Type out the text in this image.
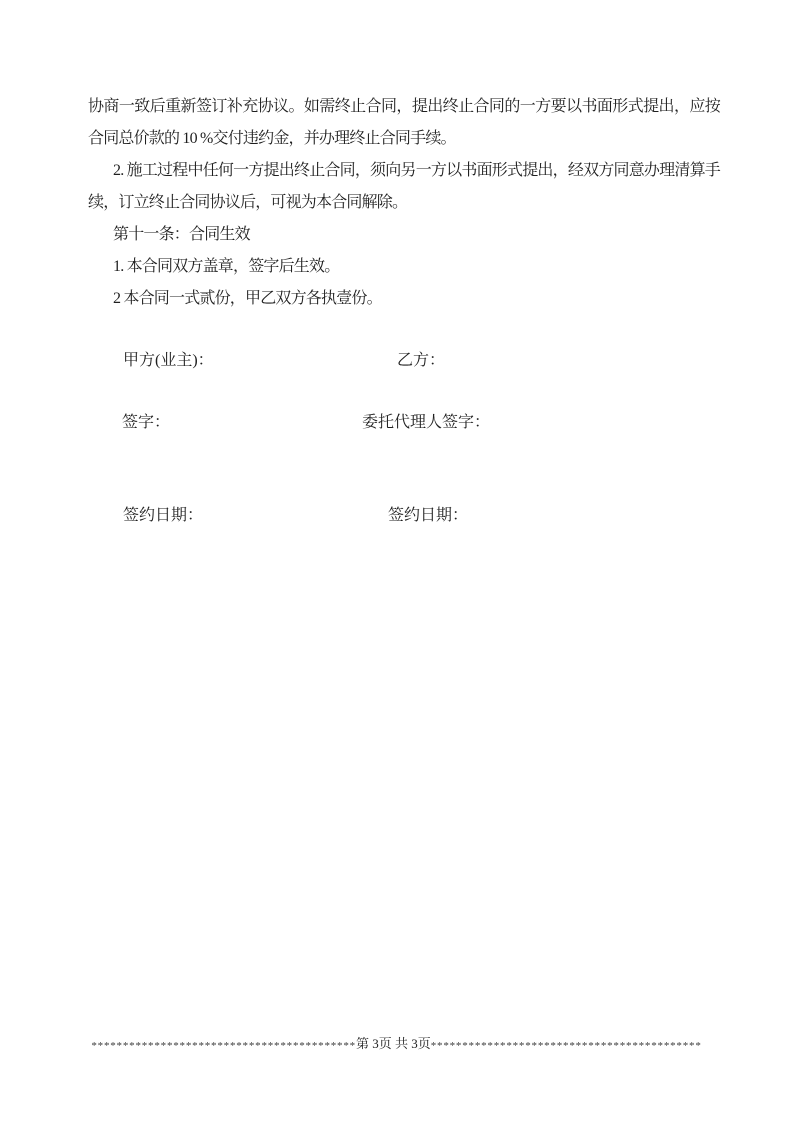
协商一致后重新签订补充协议。如需终止合同，提出终止合同的一方要以书面形式提出，应按合同总价款的 10 %交付违约金，并办理终止合同手续。

2. 施工过程中任何一方提出终止合同，须向另一方以书面形式提出，经双方同意办理清算手续，订立终止合同协议后，可视为本合同解除。

第十一条：合同生效

1. 本合同双方盖章，签字后生效。

2 本合同一式贰份，甲乙双方各执壹份。

甲方(业主)：	乙方：
签字：	委托代理人签字：
签约日期：	签约日期：
******************************************第 3页 共 3页*******************************************
